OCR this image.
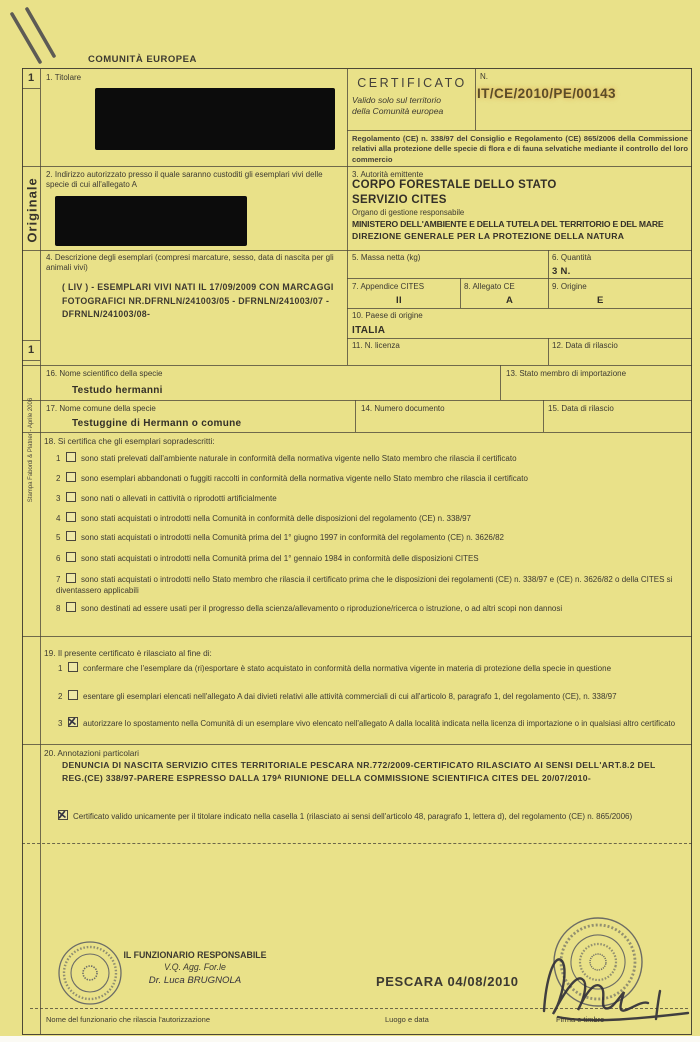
COMUNITÀ EUROPEA
1
Originale
1
Stampa Fabordi & Platner - Aprile 2006
1. Titolare	CERTIFICATO
Valido solo sul territorio
della Comunità europea
N.
IT/CE/2010/PE/00143
Regolamento (CE) n. 338/97 del Consiglio e Regolamento (CE) 865/2006 della Commissione relativi alla protezione delle specie di flora e di fauna selvatiche mediante il controllo del loro commercio
2. Indirizzo autorizzato presso il quale saranno custoditi gli esemplari vivi delle specie di cui all'allegato A
3. Autorità emittente
CORPO FORESTALE DELLO STATO
SERVIZIO CITES
Organo di gestione responsabile
MINISTERO DELL'AMBIENTE E DELLA TUTELA DEL TERRITORIO E DEL MARE
DIREZIONE GENERALE PER LA PROTEZIONE DELLA NATURA
4. Descrizione degli esemplari (compresi marcature, sesso, data di nascita per gli animali vivi)
( LIV ) - ESEMPLARI VIVI NATI IL 17/09/2009 CON MARCAGGI FOTOGRAFICI NR.DFRNLN/241003/05 - DFRNLN/241003/07 - DFRNLN/241003/08-
5. Massa netta (kg)	6. Quantità
3 N.
7. Appendice CITES	8. Allegato CE	9. Origine
II	A	E
10. Paese di origine
ITALIA
11. N. licenza	12. Data di rilascio
16. Nome scientifico della specie	13. Stato membro di importazione
Testudo hermanni
17. Nome comune della specie	14. Numero documento	15. Data di rilascio
Testuggine di Hermann o comune
18. Si certifica che gli esemplari sopradescritti:
1	sono stati prelevati dall'ambiente naturale in conformità della normativa vigente nello Stato membro che rilascia il certificato
2	sono esemplari abbandonati o fuggiti raccolti in conformità della normativa vigente nello Stato membro che rilascia il certificato
3	sono nati o allevati in cattività o riprodotti artificialmente
4	sono stati acquistati o introdotti nella Comunità in conformità delle disposizioni del regolamento (CE) n. 338/97
5	sono stati acquistati o introdotti nella Comunità prima del 1° giugno 1997 in conformità del regolamento (CE) n. 3626/82
6	sono stati acquistati o introdotti nella Comunità prima del 1° gennaio 1984 in conformità delle disposizioni CITES
7	sono stati acquistati o introdotti nello Stato membro che rilascia il certificato prima che le disposizioni dei regolamenti (CE) n. 338/97 e (CE) n. 3626/82 o della CITES si diventassero applicabili
8	sono destinati ad essere usati per il progresso della scienza/allevamento o riproduzione/ricerca o istruzione, o ad altri scopi non dannosi
19. Il presente certificato è rilasciato al fine di:
1	confermare che l'esemplare da (ri)esportare è stato acquistato in conformità della normativa vigente in materia di protezione della specie in questione
2	esentare gli esemplari elencati nell'allegato A dai divieti relativi alle attività commerciali di cui all'articolo 8, paragrafo 1, del regolamento (CE), n. 338/97
3 ✕	autorizzare lo spostamento nella Comunità di un esemplare vivo elencato nell'allegato A dalla località indicata nella licenza di importazione o in qualsiasi altro certificato
20. Annotazioni particolari
DENUNCIA DI NASCITA SERVIZIO CITES TERRITORIALE PESCARA NR.772/2009-CERTIFICATO RILASCIATO AI SENSI DELL'ART.8.2 DEL REG.(CE) 338/97-PARERE ESPRESSO DALLA 179ᴬ RIUNIONE DELLA COMMISSIONE SCIENTIFICA CITES DEL 20/07/2010-
✕Certificato valido unicamente per il titolare indicato nella casella 1 (rilasciato ai sensi dell'articolo 48, paragrafo 1, lettera d), del regolamento (CE) n. 865/2006)
IL FUNZIONARIO RESPONSABILE
V.Q. Agg. For.le
Dr. Luca BRUGNOLA	PESCARA 04/08/2010
Nome del funzionario che rilascia l'autorizzazione	Luogo e data	Firma e timbro
